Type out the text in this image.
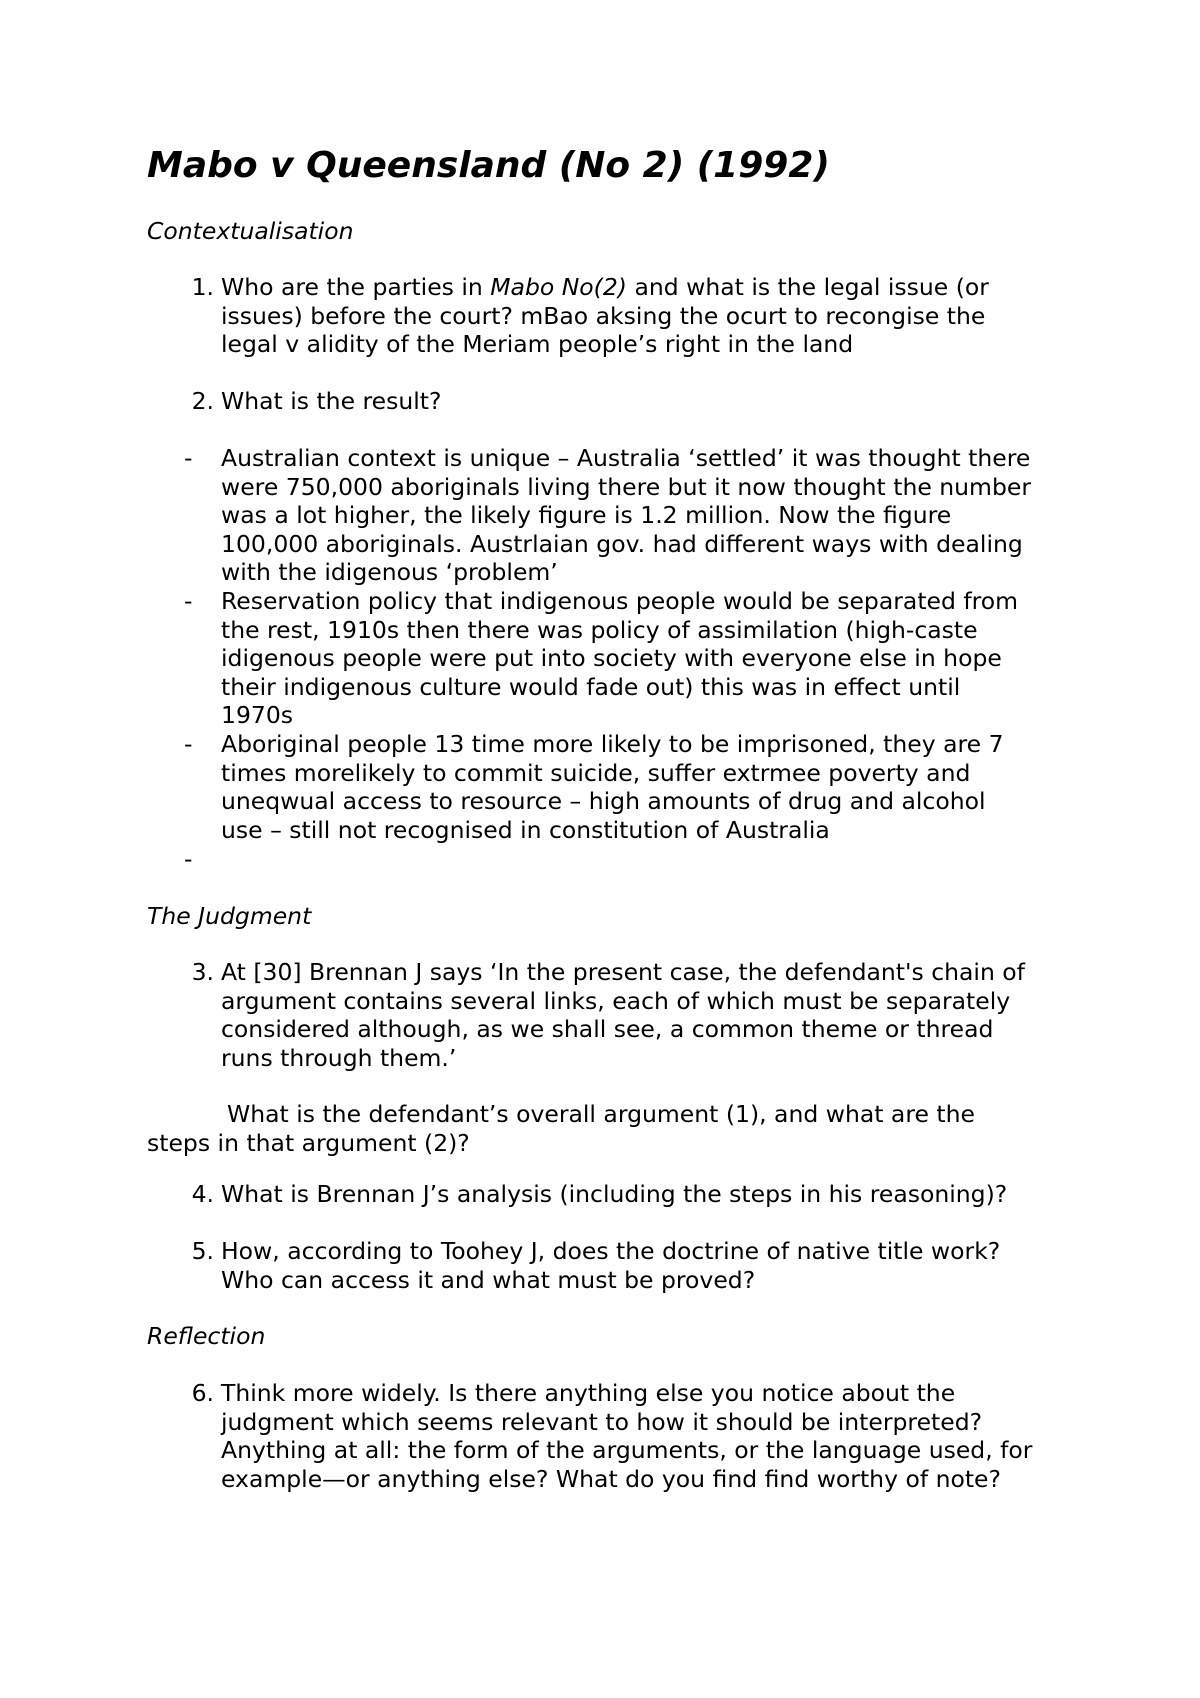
Mabo v Queensland (No 2) (1992)
Contextualisation
1. Who are the parties in Mabo No(2) and what is the legal issue (or
issues) before the court? mBao aksing the ocurt to recongise the
legal v alidity of the Meriam people’s right in the land
2. What is the result?
- Australian context is unique – Australia ‘settled’ it was thought there
were 750,000 aboriginals living there but it now thought the number
was a lot higher, the likely figure is 1.2 million. Now the figure
100,000 aboriginals. Austrlaian gov. had different ways with dealing
with the idigenous ‘problem’
- Reservation policy that indigenous people would be separated from
the rest, 1910s then there was policy of assimilation (high-caste
idigenous people were put into society with everyone else in hope
their indigenous culture would fade out) this was in effect until
1970s
- Aboriginal people 13 time more likely to be imprisoned, they are 7
times morelikely to commit suicide, suffer extrmee poverty and
uneqwual access to resource – high amounts of drug and alcohol
use – still not recognised in constitution of Australia
-
The Judgment
3. At [30] Brennan J says ‘In the present case, the defendant's chain of
argument contains several links, each of which must be separately
considered although, as we shall see, a common theme or thread
runs through them.’
What is the defendant’s overall argument (1), and what are the
steps in that argument (2)?
4. What is Brennan J’s analysis (including the steps in his reasoning)?
5. How, according to Toohey J, does the doctrine of native title work?
Who can access it and what must be proved?
Reflection
6. Think more widely. Is there anything else you notice about the
judgment which seems relevant to how it should be interpreted?
Anything at all: the form of the arguments, or the language used, for
example—or anything else? What do you find find worthy of note?
